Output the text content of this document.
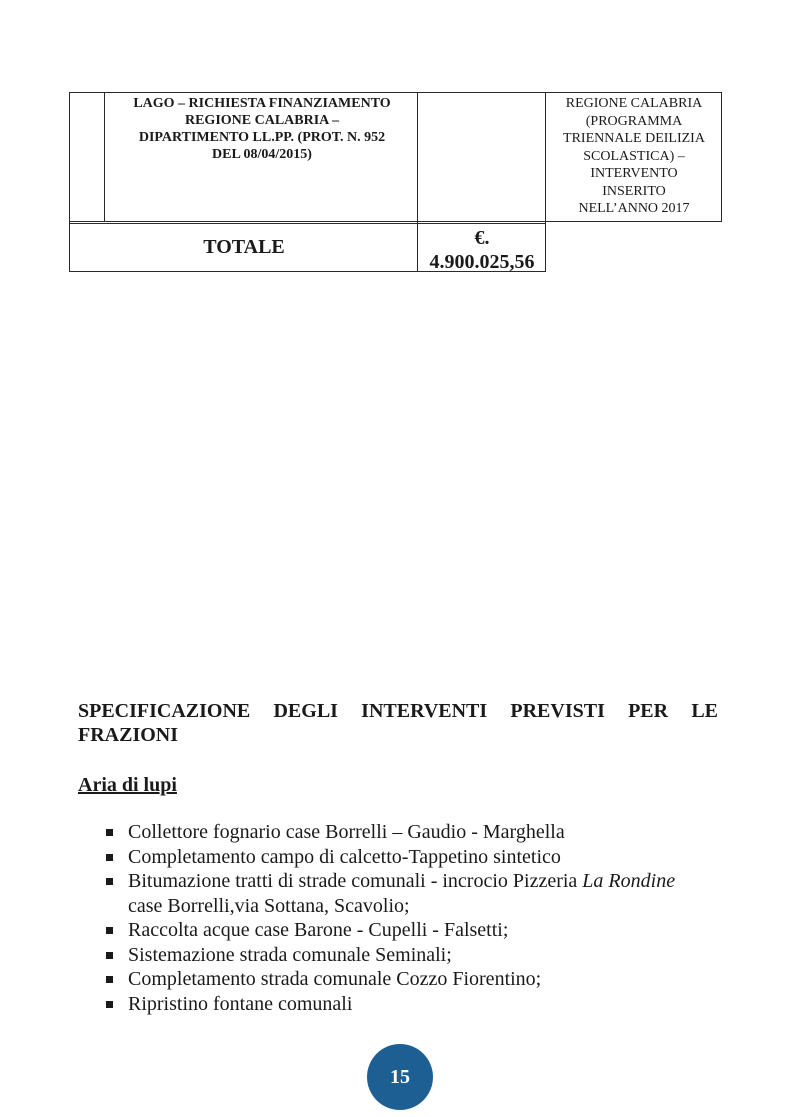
LAGO – RICHIESTA FINANZIAMENTO
REGIONE CALABRIA –
DIPARTIMENTO LL.PP. (PROT. N. 952
DEL 08/04/2015)
REGIONE CALABRIA
(PROGRAMMA
TRIENNALE DEILIZIA
SCOLASTICA) –
INTERVENTO
INSERITO
NELL’ANNO 2017
TOTALE	€.
4.900.025,56
SPECIFICAZIONE DEGLI INTERVENTI PREVISTI PER LE
FRAZIONI
Aria di lupi
Collettore fognario case Borrelli – Gaudio - Marghella
Completamento campo di calcetto-Tappetino sintetico
Bitumazione tratti di strade comunali - incrocio Pizzeria La Rondine
case Borrelli,via Sottana, Scavolio;
Raccolta acque case Barone - Cupelli - Falsetti;
Sistemazione strada comunale Seminali;
Completamento strada comunale Cozzo Fiorentino;
Ripristino fontane comunali
15
